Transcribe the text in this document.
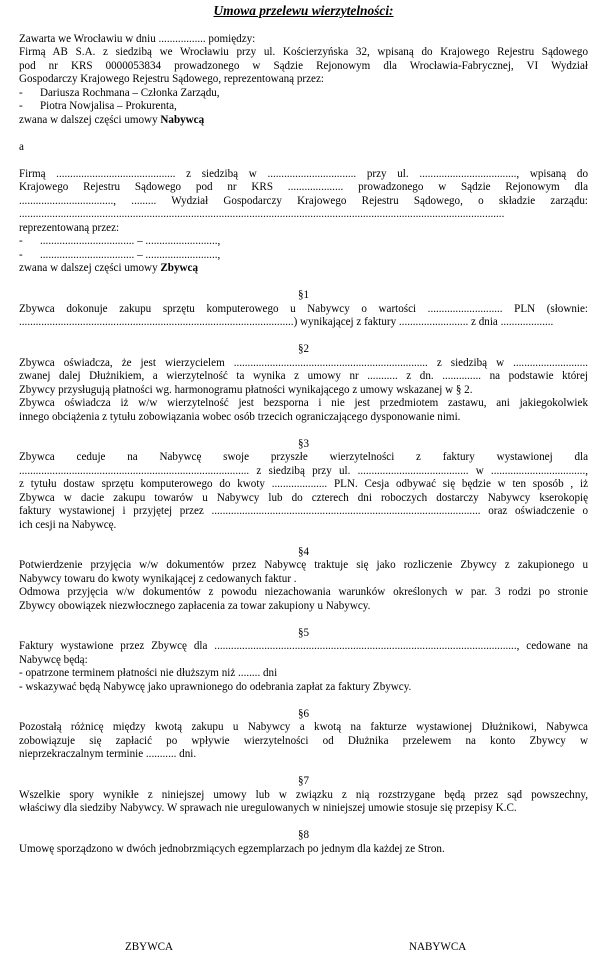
Umowa przelewu wierzytelności:

Zawarta we Wrocławiu w dniu ................. pomiędzy:

Firmą AB S.A. z siedzibą we Wrocławiu przy ul. Kościerzyńska 32, wpisaną do Krajowego Rejestru Sądowego

pod nr KRS 0000053834 prowadzonego w Sądzie Rejonowym dla Wrocławia-Fabrycznej, VI Wydział

Gospodarczy Krajowego Rejestru Sądowego, reprezentowaną przez:

-	Dariusza Rochmana – Członka Zarządu,
-	Piotra Nowjalisa – Prokurenta,

zwana w dalszej części umowy Nabywcą

a

Firmą ........................................... z siedzibą w ................................ przy ul. ..................................., wpisaną do

Krajowego Rejestru Sądowego pod nr KRS .................... prowadzonego w Sądzie Rejonowym dla

.................................., ......... Wydział Gospodarczy Krajowego Rejestru Sądowego, o składzie zarządu:

...............................................................................................................................................................................

reprezentowaną przez:

-	.................................. – ..........................,
-	.................................. – ..........................,

zwana w dalszej części umowy Zbywcą

§1

Zbywca dokonuje zakupu sprzętu komputerowego u Nabywcy o wartości ........................... PLN (słownie:

...................................................................................................) wynikającej z faktury ......................... z dnia ...................

§2

Zbywca oświadcza, że jest wierzycielem ...................................................................... z siedzibą w ...........................

zwanej dalej Dłużnikiem, a wierzytelność ta wynika z umowy nr ........... z dn. .............. na podstawie której

Zbywcy przysługują płatności wg. harmonogramu płatności wynikającego z umowy wskazanej w § 2.

Zbywca oświadcza iż w/w wierzytelność jest bezsporna i nie jest przedmiotem zastawu, ani jakiegokolwiek

innego obciążenia z tytułu zobowiązania wobec osób trzecich ograniczającego dysponowanie nimi.

§3

Zbywca ceduje na Nabywcę swoje przyszłe wierzytelności z faktury wystawionej dla

................................................................................... z siedzibą przy ul. ........................................ w ..................................,

z tytułu dostaw sprzętu komputerowego do kwoty .................... PLN. Cesja odbywać się będzie w ten sposób , iż

Zbywca w dacie zakupu towarów u Nabywcy lub do czterech dni roboczych dostarczy Nabywcy kserokopię

faktury wystawionej i przyjętej przez ................................................................................................. oraz oświadczenie o

ich cesji na Nabywcę.

§4

Potwierdzenie przyjęcia w/w dokumentów przez Nabywcę traktuje się jako rozliczenie Zbywcy z zakupionego u

Nabywcy towaru do kwoty wynikającej z cedowanych faktur .

Odmowa przyjęcia w/w dokumentów z powodu niezachowania warunków określonych w par. 3 rodzi po stronie

Zbywcy obowiązek niezwłocznego zapłacenia za towar zakupiony u Nabywcy.

§5

Faktury wystawione przez Zbywcę dla ............................................................................................................., cedowane na

Nabywcę będą:

- opatrzone terminem płatności nie dłuższym niż ........ dni

- wskazywać będą Nabywcę jako uprawnionego do odebrania zapłat za faktury Zbywcy.

§6

Pozostałą różnicę między kwotą zakupu u Nabywcy a kwotą na fakturze wystawionej Dłużnikowi, Nabywca

zobowiązuje się zapłacić po wpływie wierzytelności od Dłużnika przelewem na konto Zbywcy w

nieprzekraczalnym terminie ........... dni.

§7

Wszelkie spory wynikłe z niniejszej umowy lub w związku z nią rozstrzygane będą przez sąd powszechny,

właściwy dla siedziby Nabywcy. W sprawach nie uregulowanych w niniejszej umowie stosuje się przepisy K.C.

§8

Umowę sporządzono w dwóch jednobrzmiących egzemplarzach po jednym dla każdej ze Stron.

ZBYWCA	NABYWCA
